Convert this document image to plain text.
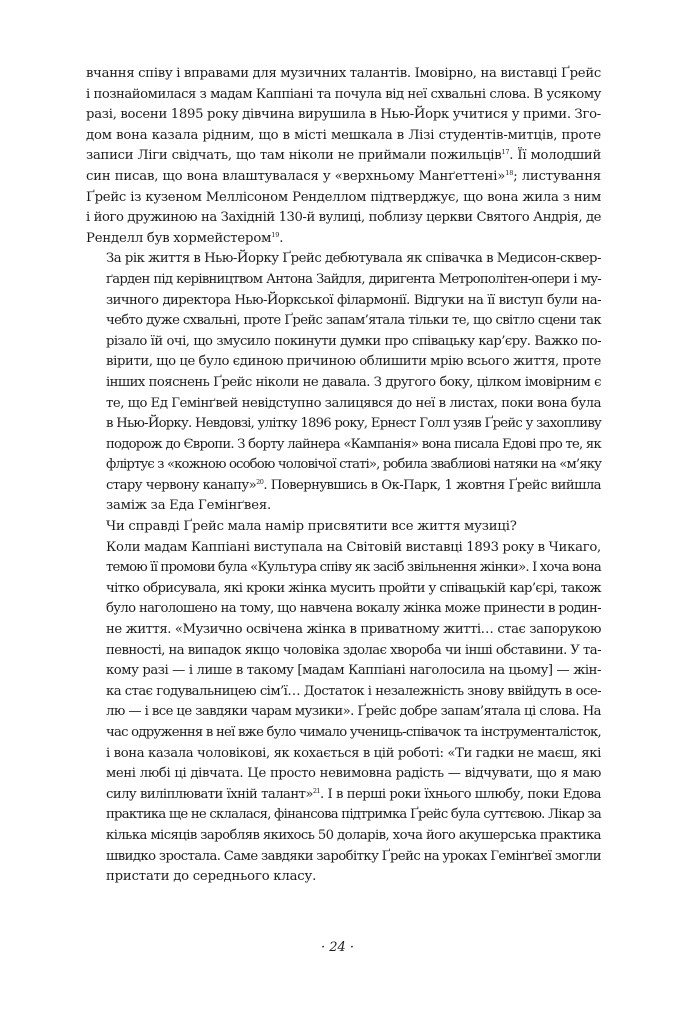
вчання співу і вправами для музичних талантів. Імовірно, на виставці Ґрейс
і познайомилася з мадам Каппіані та почула від неї схвальні слова. В усякому
разі, восени 1895 року дівчина вирушила в Нью-Йорк учитися у прими. Зго-
дом вона казала рідним, що в місті мешкала в Лізі студентів-митців, проте
записи Ліги свідчать, що там ніколи не приймали пожильців$^{17}$. Її молодший
син писав, що вона влаштувалася у «верхньому Манґеттені»$^{18}$; листування
Ґрейс із кузеном Меллісоном Ренделлом підтверджує, що вона жила з ним
і його дружиною на Західній 130-й вулиці, поблизу церкви Святого Андрія, де
Ренделл був хормейстером$^{19}$.

За рік життя в Нью-Йорку Ґрейс дебютувала як співачка в Медисон-сквер-
ґарден під керівництвом Антона Зайдля, диригента Метрополітен-опери і му-
зичного директора Нью-Йоркської філармонії. Відгуки на її виступ були на-
чебто дуже схвальні, проте Ґрейс запам’ятала тільки те, що світло сцени так
різало їй очі, що змусило покинути думки про співацьку кар’єру. Важко по-
вірити, що це було єдиною причиною облишити мрію всього життя, проте
інших пояснень Ґрейс ніколи не давала. З другого боку, цілком імовірним є
те, що Ед Гемінґвей невідступно залицявся до неї в листах, поки вона була
в Нью-Йорку. Невдовзі, улітку 1896 року, Ернест Голл узяв Ґрейс у захопливу
подорож до Європи. З борту лайнера «Кампанія» вона писала Едові про те, як
фліртує з «кожною особою чоловічої статі», робила зваблиові натяки на «м’яку
стару червону канапу»$^{20}$. Повернувшись в Ок-Парк, 1 жовтня Ґрейс вийшла
заміж за Еда Гемінґвея.

Чи справді Ґрейс мала намір присвятити все життя музиці?

Коли мадам Каппіані виступала на Світовій виставці 1893 року в Чикаго,
темою її промови була «Культура співу як засіб звільнення жінки». І хоча вона
чітко обрисувала, які кроки жінка мусить пройти у співацькій кар’єрі, також
було наголошено на тому, що навчена вокалу жінка може принести в родин-
не життя. «Музично освічена жінка в приватному житті… стає запорукою
певності, на випадок якщо чоловіка здолає хвороба чи інші обставини. У та-
кому разі — і лише в такому [мадам Каппіані наголосила на цьому] — жін-
ка стає годувальницею сім’ї… Достаток і незалежність знову ввійдуть в осе-
лю — і все це завдяки чарам музики». Ґрейс добре запам’ятала ці слова. На
час одруження в неї вже було чимало учениць-співачок та інструменталісток,
і вона казала чоловікові, як кохається в цій роботі: «Ти гадки не маєш, які
мені любі ці дівчата. Це просто невимовна радість — відчувати, що я маю
силу виліплювати їхній талант»$^{21}$. І в перші роки їхнього шлюбу, поки Едова
практика ще не склалася, фінансова підтримка Ґрейс була суттєвою. Лікар за
кілька місяців заробляв якихось 50 доларів, хоча його акушерська практика
швидко зростала. Саме завдяки заробітку Ґрейс на уроках Гемінґвеї змогли
пристати до середнього класу.

· 24 ·
